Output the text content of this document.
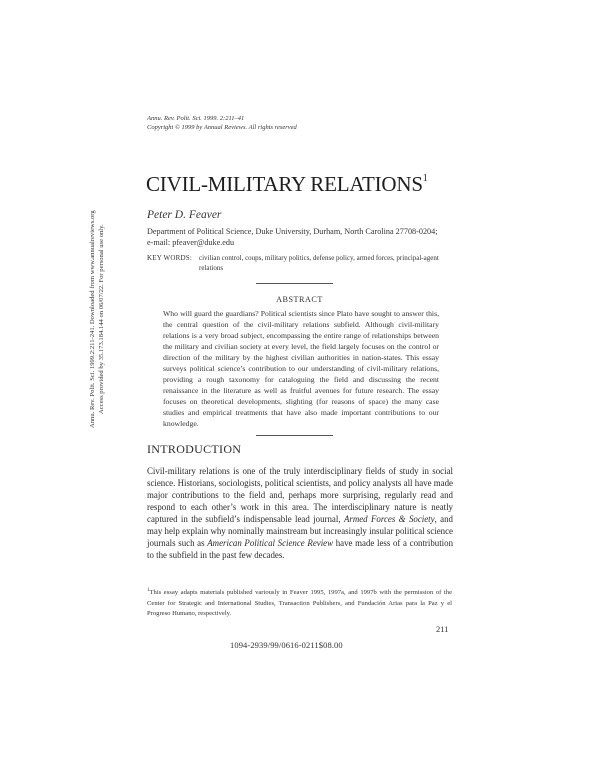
Annu. Rev. Polit. Sci. 1999. 2:211–41
Copyright © 1999 by Annual Reviews. All rights reserved
CIVIL-MILITARY RELATIONS$^1$
Peter D. Feaver
Department of Political Science, Duke University, Durham, North Carolina 27708-0204; e-mail: pfeaver@duke.edu
KEY WORDS: civilian control, coups, military politics, defense policy, armed forces, principal-agent relations
ABSTRACT
Who will guard the guardians? Political scientists since Plato have sought to answer this, the central question of the civil-military relations subfield. Although civil-military relations is a very broad subject, encompassing the entire range of relationships between the military and civilian society at every level, the field largely focuses on the control or direction of the military by the highest civilian authorities in nation-states. This essay surveys political science’s contribution to our understanding of civil-military relations, providing a rough taxonomy for cataloguing the field and discussing the recent renaissance in the literature as well as fruitful avenues for future research. The essay focuses on theoretical developments, slighting (for reasons of space) the many case studies and empirical treatments that have also made important contributions to our knowledge.
INTRODUCTION
Civil-military relations is one of the truly interdisciplinary fields of study in social science. Historians, sociologists, political scientists, and policy analysts all have made major contributions to the field and, perhaps more surprising, regularly read and respond to each other’s work in this area. The interdisciplinary nature is neatly captured in the subfield’s indispensable lead journal, Armed Forces & Society, and may help explain why nominally mainstream but increasingly insular political science journals such as American Political Science Review have made less of a contribution to the subfield in the past few decades.
$^1$This essay adapts materials published variously in Feaver 1995, 1997a, and 1997b with the permission of the Center for Strategic and International Studies, Transaction Publishers, and Fundación Arias para la Paz y el Progreso Humano, respectively.
211
1094-2939/99/0616-0211$08.00
Annu. Rev. Polit. Sci. 1999.2:211-241. Downloaded from www.annualreviews.org Access provided by 35.173.184.144 on 06/07/22. For personal use only.
